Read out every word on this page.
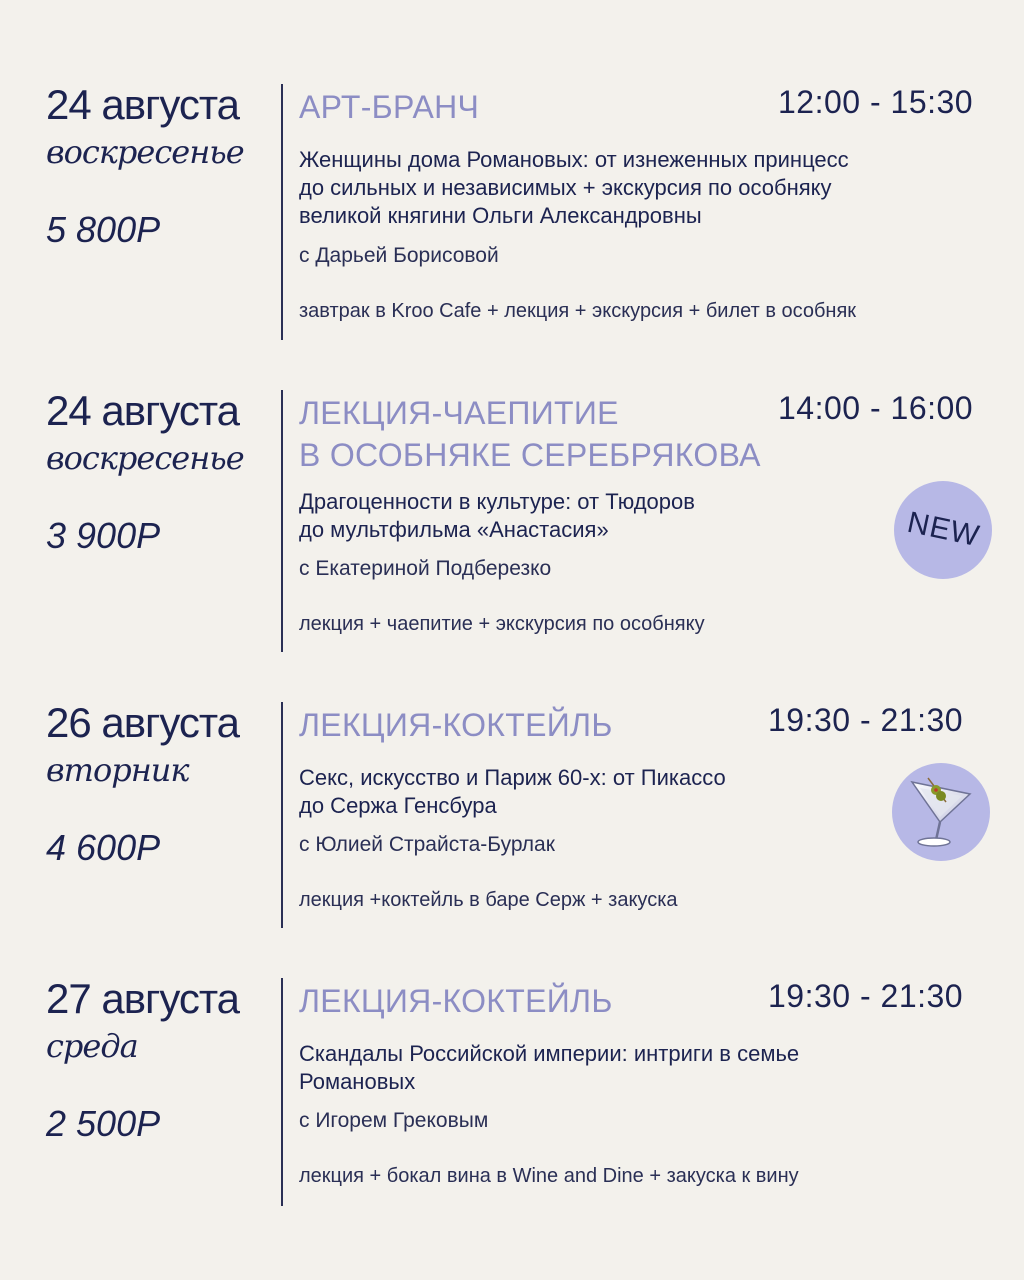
24 августа
воскресенье
5 800Р
АРТ-БРАНЧ	12:00 - 15:30
Женщины дома Романовых: от изнеженных принцесс
до сильных и независимых + экскурсия по особняку
великой княгини Ольги Александровны
с Дарьей Борисовой
завтрак в Kroo Cafe + лекция + экскурсия + билет в особняк
24 августа
воскресенье
3 900Р
ЛЕКЦИЯ-ЧАЕПИТИЕ
В ОСОБНЯКЕ СЕРЕБРЯКОВА
14:00 - 16:00
Драгоценности в культуре: от Тюдоров
до мультфильма «Анастасия»
с Екатериной Подберезко
лекция + чаепитие + экскурсия по особняку
NEW
26 августа
вторник
4 600Р
ЛЕКЦИЯ-КОКТЕЙЛЬ	19:30 - 21:30
Секс, искусство и Париж 60-х: от Пикассо
до Сержа Генсбура
с Юлией Страйста-Бурлак
лекция +коктейль в баре Серж + закуска
27 августа
среда
2 500Р
ЛЕКЦИЯ-КОКТЕЙЛЬ	19:30 - 21:30
Скандалы Российской империи: интриги в семье
Романовых
с Игорем Грековым
лекция + бокал вина в Wine and Dine + закуска к вину
